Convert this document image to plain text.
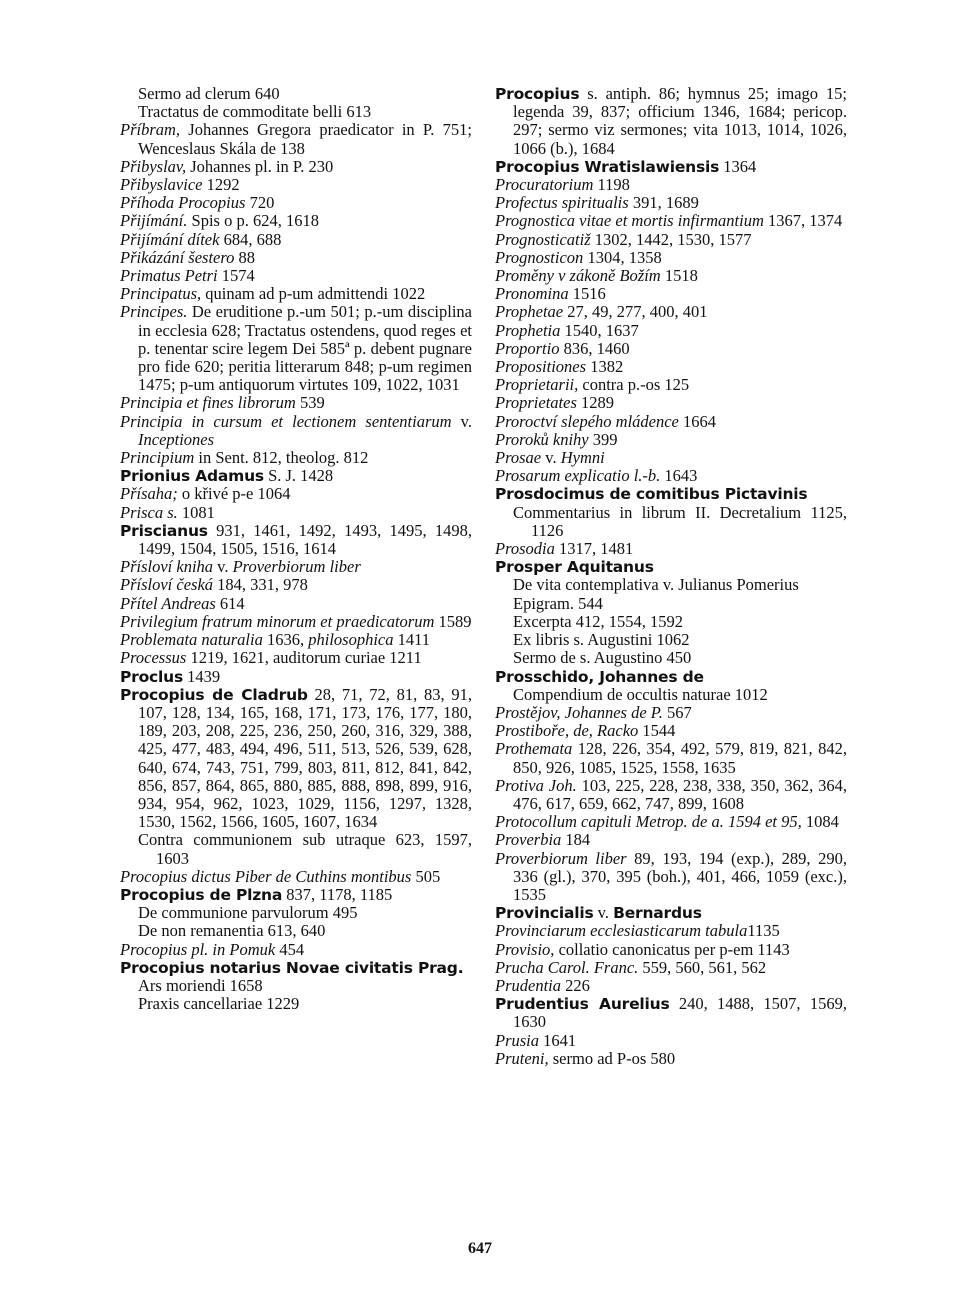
Sermo ad clerum 640
Tractatus de commoditate belli 613
Příbram, Johannes Gregora praedicator in P. 751; Wenceslaus Skála de 138
Přibyslav, Johannes pl. in P. 230
Přibyslavice 1292
Příhoda Procopius 720
Přijímání. Spis o p. 624, 1618
Přijímání dítek 684, 688
Přikázání šestero 88
Primatus Petri 1574
Principatus, quinam ad p-um admittendi 1022
Principes. De eruditione p.-um 501; p.-um disciplina in ecclesia 628; Tractatus ostendens, quod reges et p. tenentar scire legem Dei 585ª p. debent pugnare pro fide 620; peritia litterarum 848; p-um regimen 1475; p-um antiquorum virtutes 109, 1022, 1031
Principia et fines librorum 539
Principia in cursum et lectionem sententiarum v. Inceptiones
Principium in Sent. 812, theolog. 812
Prionius Adamus S. J. 1428
Přísaha; o křivé p-e 1064
Prisca s. 1081
Priscianus 931, 1461, 1492, 1493, 1495, 1498, 1499, 1504, 1505, 1516, 1614
Přísloví kniha v. Proverbiorum liber
Přísloví česká 184, 331, 978
Přítel Andreas 614
Privilegium fratrum minorum et praedicatorum 1589
Problemata naturalia 1636, philosophica 1411
Processus 1219, 1621, auditorum curiae 1211
Proclus 1439
Procopius de Cladrub 28, 71, 72, 81, 83, 91, 107, 128, 134, 165, 168, 171, 173, 176, 177, 180, 189, 203, 208, 225, 236, 250, 260, 316, 329, 388, 425, 477, 483, 494, 496, 511, 513, 526, 539, 628, 640, 674, 743, 751, 799, 803, 811, 812, 841, 842, 856, 857, 864, 865, 880, 885, 888, 898, 899, 916, 934, 954, 962, 1023, 1029, 1156, 1297, 1328, 1530, 1562, 1566, 1605, 1607, 1634
Contra communionem sub utraque 623, 1597, 1603
Procopius dictus Piber de Cuthins montibus 505
Procopius de Plzna 837, 1178, 1185
De communione parvulorum 495
De non remanentia 613, 640
Procopius pl. in Pomuk 454
Procopius notarius Novae civitatis Prag.
Ars moriendi 1658
Praxis cancellariae 1229
Procopius s. antiph. 86; hymnus 25; imago 15; legenda 39, 837; officium 1346, 1684; pericop. 297; sermo viz sermones; vita 1013, 1014, 1026, 1066 (b.), 1684
Procopius Wratislawiensis 1364
Procuratorium 1198
Profectus spiritualis 391, 1689
Prognostica vitae et mortis infirmantium 1367, 1374
Prognosticatiž 1302, 1442, 1530, 1577
Prognosticon 1304, 1358
Proměny v zákoně Božím 1518
Pronomina 1516
Prophetae 27, 49, 277, 400, 401
Prophetia 1540, 1637
Proportio 836, 1460
Propositiones 1382
Proprietarii, contra p.-os 125
Proprietates 1289
Proroctví slepého mládence 1664
Proroků knihy 399
Prosae v. Hymni
Prosarum explicatio l.-b. 1643
Prosdocimus de comitibus Pictavinis
Commentarius in librum II. Decretalium 1125, 1126
Prosodia 1317, 1481
Prosper Aquitanus
De vita contemplativa v. Julianus Pomerius
Epigram. 544
Excerpta 412, 1554, 1592
Ex libris s. Augustini 1062
Sermo de s. Augustino 450
Prosschido, Johannes de
Compendium de occultis naturae 1012
Prostějov, Johannes de P. 567
Prostiboře, de, Racko 1544
Prothemata 128, 226, 354, 492, 579, 819, 821, 842, 850, 926, 1085, 1525, 1558, 1635
Protiva Joh. 103, 225, 228, 238, 338, 350, 362, 364, 476, 617, 659, 662, 747, 899, 1608
Protocollum capituli Metrop. de a. 1594 et 95, 1084
Proverbia 184
Proverbiorum liber 89, 193, 194 (exp.), 289, 290, 336 (gl.), 370, 395 (boh.), 401, 466, 1059 (exc.), 1535
Provincialis v. Bernardus
Provinciarum ecclesiasticarum tabula1135
Provisio, collatio canonicatus per p-em 1143
Prucha Carol. Franc. 559, 560, 561, 562
Prudentia 226
Prudentius Aurelius 240, 1488, 1507, 1569, 1630
Prusia 1641
Pruteni, sermo ad P-os 580
647
